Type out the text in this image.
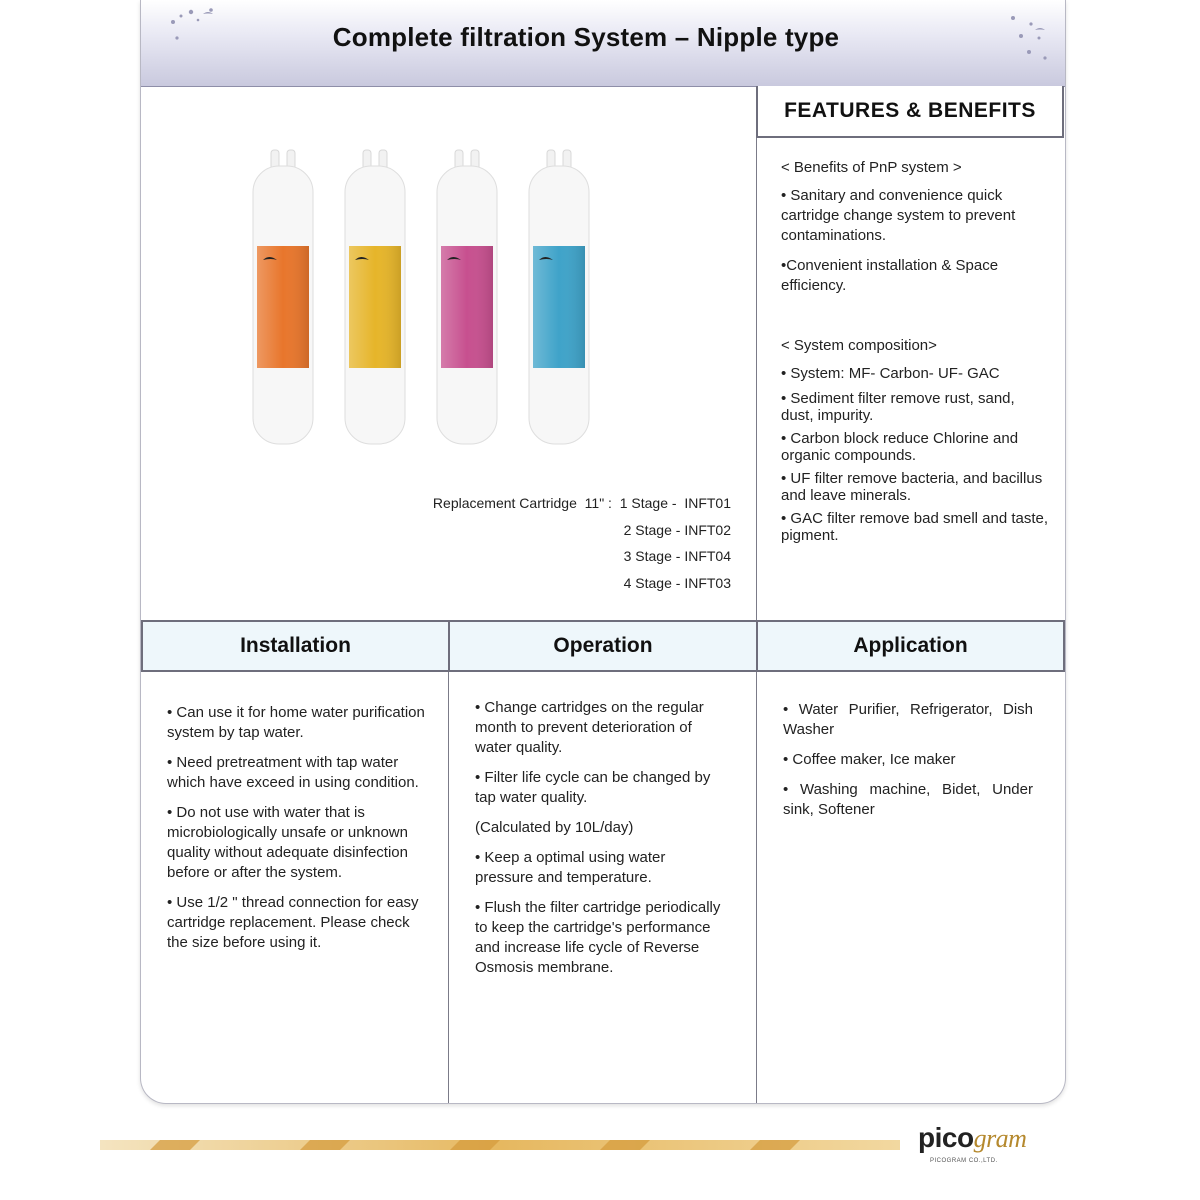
Complete filtration System – Nipple type
FEATURES & BENEFITS

< Benefits of PnP system >

• Sanitary and convenience quick cartridge change system to prevent contaminations.

•Convenient installation & Space efficiency.

< System composition>

• System: MF- Carbon- UF- GAC

• Sediment filter remove rust, sand, dust, impurity.

• Carbon block reduce Chlorine and organic compounds.

• UF filter remove bacteria, and bacillus and leave minerals.

• GAC filter remove bad smell and taste, pigment.

Replacement Cartridge  11" :  1 Stage -  INFT01
2 Stage - INFT02
3 Stage - INFT04
4 Stage - INFT03
Installation	Operation	Application

• Can use it for home water purification system by tap water.

• Need pretreatment with tap water which have exceed in using condition.

• Do not use with water that is microbiologically unsafe or unknown quality without adequate disinfection before or after the system.

• Use 1/2 " thread connection for easy cartridge replacement. Please check the size before using it.

• Change cartridges on the regular month to prevent deterioration of water quality.

• Filter life cycle can be changed by tap water quality.

(Calculated by 10L/day)

• Keep a optimal using water pressure and temperature.

• Flush the filter cartridge periodically to keep the cartridge's performance and increase life cycle of Reverse Osmosis membrane.

• Water Purifier, Refrigerator, Dish Washer

• Coffee maker, Ice maker

• Washing machine, Bidet, Under sink, Softener

picogram
PICOGRAM CO.,LTD.
